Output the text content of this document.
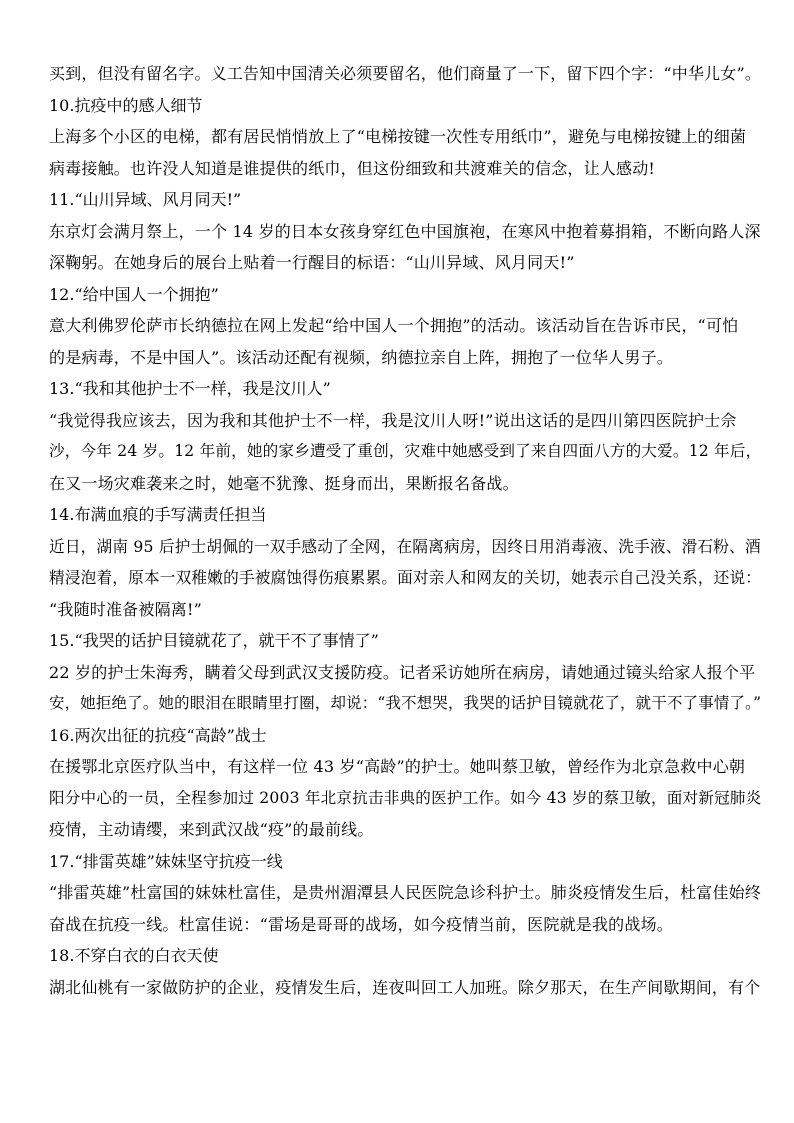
买到，但没有留名字。义工告知中国清关必须要留名，他们商量了一下，留下四个字：“中华儿女”。
10.抗疫中的感人细节
上海多个小区的电梯，都有居民悄悄放上了“电梯按键一次性专用纸巾”，避免与电梯按键上的细菌
病毒接触。也许没人知道是谁提供的纸巾，但这份细致和共渡难关的信念，让人感动!
11.“山川异域、风月同天!”
东京灯会满月祭上，一个 14 岁的日本女孩身穿红色中国旗袍，在寒风中抱着募捐箱，不断向路人深
深鞠躬。在她身后的展台上贴着一行醒目的标语：“山川异域、风月同天!”
12.“给中国人一个拥抱”
意大利佛罗伦萨市长纳德拉在网上发起“给中国人一个拥抱”的活动。该活动旨在告诉市民，“可怕
的是病毒，不是中国人”。该活动还配有视频，纳德拉亲自上阵，拥抱了一位华人男子。
13.“我和其他护士不一样，我是汶川人”
“我觉得我应该去，因为我和其他护士不一样，我是汶川人呀!”说出这话的是四川第四医院护士佘
沙，今年 24 岁。12 年前，她的家乡遭受了重创，灾难中她感受到了来自四面八方的大爱。12 年后，
在又一场灾难袭来之时，她毫不犹豫、挺身而出，果断报名备战。
14.布满血痕的手写满责任担当
近日，湖南 95 后护士胡佩的一双手感动了全网，在隔离病房，因终日用消毒液、洗手液、滑石粉、酒
精浸泡着，原本一双稚嫩的手被腐蚀得伤痕累累。面对亲人和网友的关切，她表示自己没关系，还说：
“我随时准备被隔离!”
15.“我哭的话护目镜就花了，就干不了事情了”
22 岁的护士朱海秀，瞒着父母到武汉支援防疫。记者采访她所在病房，请她通过镜头给家人报个平
安，她拒绝了。她的眼泪在眼睛里打圈，却说：“我不想哭，我哭的话护目镜就花了，就干不了事情了。”
16.两次出征的抗疫“高龄”战士
在援鄂北京医疗队当中，有这样一位 43 岁“高龄”的护士。她叫蔡卫敏，曾经作为北京急救中心朝
阳分中心的一员，全程参加过 2003 年北京抗击非典的医护工作。如今 43 岁的蔡卫敏，面对新冠肺炎
疫情，主动请缨，来到武汉战“疫”的最前线。
17.“排雷英雄”妹妹坚守抗疫一线
“排雷英雄”杜富国的妹妹杜富佳，是贵州湄潭县人民医院急诊科护士。肺炎疫情发生后，杜富佳始终
奋战在抗疫一线。杜富佳说：“雷场是哥哥的战场，如今疫情当前，医院就是我的战场。
18.不穿白衣的白衣天使
湖北仙桃有一家做防护的企业，疫情发生后，连夜叫回工人加班。除夕那天，在生产间歇期间，有个
